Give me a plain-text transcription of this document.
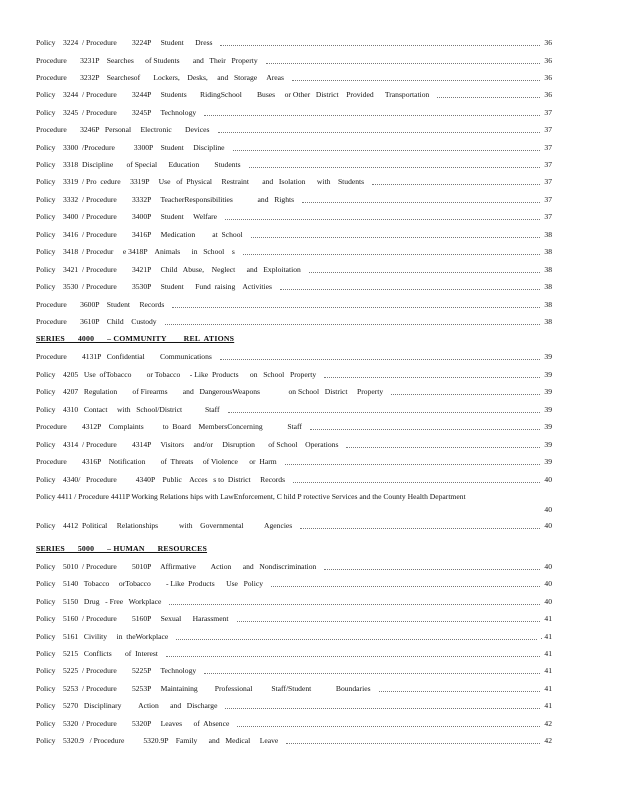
Policy    3224  / Procedure        3224P     Student      Dress	36
Procedure       3231P    Searches      of Students       and   Their   Property	36
Procedure       3232P    Searchesof       Lockers,    Desks,     and   Storage     Areas	36
Policy    3244  / Procedure        3244P     Students       RidingSchool        Buses     or Other   District    Provided      Transportation	36
Policy    3245  / Procedure        3245P     Technology	37
Procedure       3246P   Personal     Electronic       Devices	37
Policy    3300  /Procedure          3300P    Student     Discipline	37
Policy    3318  Discipline       of Special      Education        Students	37
Policy    3319  / Pro  cedure     3319P     Use   of  Physical     Restraint       and   Isolation      with    Students	37
Policy    3332  / Procedure        3332P     TeacherResponsibilities             and   Rights	37
Policy    3400  / Procedure        3400P     Student     Welfare	37
Policy    3416  / Procedure        3416P     Medication         at  School	38
Policy    3418  / Procedur     e 3418P    Animals      in   School    s	38
Policy    3421  / Procedure        3421P     Child   Abuse,    Neglect      and   Exploitation	38
Policy    3530  / Procedure        3530P     Student      Fund  raising    Activities	38
Procedure       3600P    Student     Records	38
Procedure       3610P    Child    Custody	38
SERIES      4000      – COMMUNITY        REL  ATIONS
Procedure        4131P   Confidential        Communications	39
Policy    4205   Use  ofTobacco        or Tobacco     - Like  Products      on   School   Property	39
Policy    4207   Regulation        of Firearms        and   DangerousWeapons               on School   District     Property	39
Policy    4310   Contact     with   School/District            Staff	39
Procedure        4312P    Complaints          to  Board    MembersConcerning             Staff	39
Policy    4314  / Procedure        4314P     Visitors     and/or     Disruption       of School    Operations	39
Procedure        4316P    Notification        of  Threats     of Violence      or  Harm	39
Policy    4340/   Procedure          4340P    Public    Acces   s to  District     Records	40
Policy 4411 / Procedure 4411P Working Relations hips with LawEnforcement, C hild P rotective Services and the County Health Department
40
Policy    4412  Political     Relationships           with    Governmental           Agencies	40
SERIES      5000      – HUMAN      RESOURCES
Policy    5010  / Procedure        5010P     Affirmative        Action      and   Nondiscrimination	40
Policy    5140   Tobacco     orTobacco        - Like  Products      Use   Policy	40
Policy    5150   Drug   - Free   Workplace	40
Policy    5160  / Procedure        5160P     Sexual      Harassment	41
Policy    5161   Civility     in  theWorkplace	. 41
Policy    5215   Conflicts       of  Interest	41
Policy    5225  / Procedure        5225P     Technology	41
Policy    5253  / Procedure        5253P     Maintaining         Professional          Staff/Student             Boundaries	41
Policy    5270   Disciplinary         Action      and   Discharge	41
Policy    5320  / Procedure        5320P     Leaves      of  Absence	42
Policy    5320.9   / Procedure          5320.9P    Family      and   Medical     Leave	42
